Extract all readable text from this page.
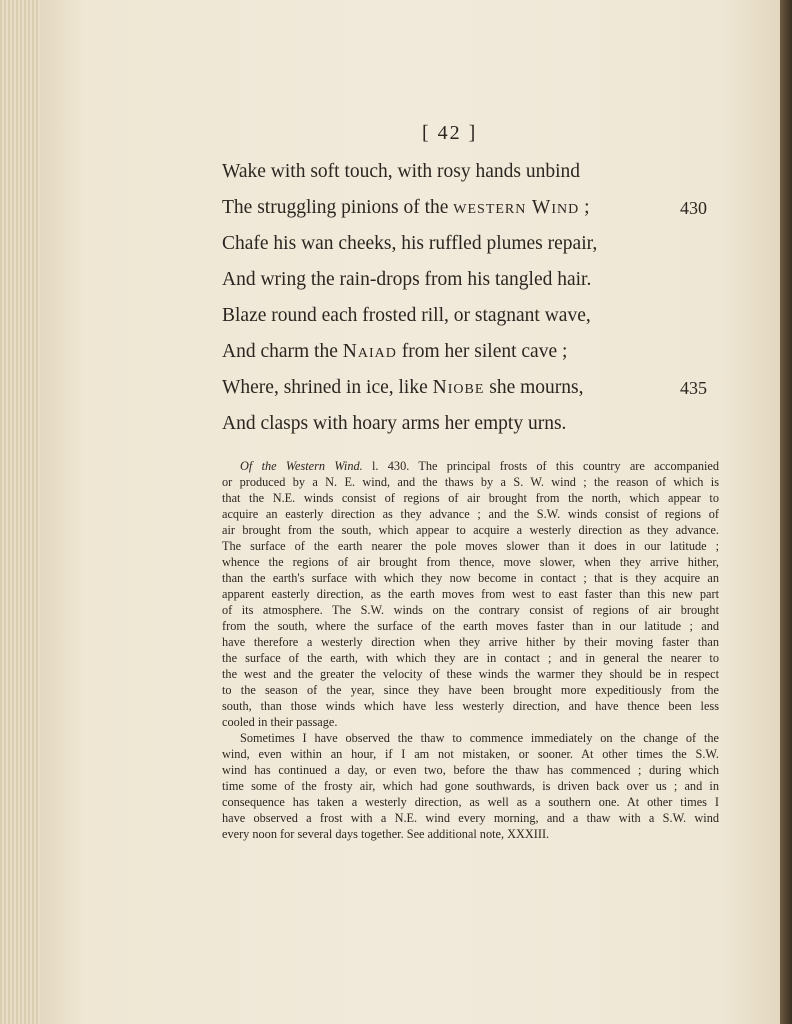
[ 42 ]
Wake with soft touch, with rosy hands unbind
The struggling pinions of the western Wind ;	430
Chafe his wan cheeks, his ruffled plumes repair,
And wring the rain-drops from his tangled hair.
Blaze round each frosted rill, or stagnant wave,
And charm the Naiad from her silent cave ;
Where, shrined in ice, like Niobe she mourns,	435
And clasps with hoary arms her empty urns.
Of the Western Wind. l. 430. The principal frosts of this country are accompanied
or produced by a N. E. wind, and the thaws by a S. W. wind ; the reason of which is
that the N.E. winds consist of regions of air brought from the north, which appear to
acquire an easterly direction as they advance ; and the S.W. winds consist of regions of
air brought from the south, which appear to acquire a westerly direction as they advance.
The surface of the earth nearer the pole moves slower than it does in our latitude ;
whence the regions of air brought from thence, move slower, when they arrive hither,
than the earth's surface with which they now become in contact ; that is they acquire an
apparent easterly direction, as the earth moves from west to east faster than this new part
of its atmosphere. The S.W. winds on the contrary consist of regions of air brought
from the south, where the surface of the earth moves faster than in our latitude ; and
have therefore a westerly direction when they arrive hither by their moving faster than
the surface of the earth, with which they are in contact ; and in general the nearer to
the west and the greater the velocity of these winds the warmer they should be in respect
to the season of the year, since they have been brought more expeditiously from the
south, than those winds which have less westerly direction, and have thence been less
cooled in their passage.
Sometimes I have observed the thaw to commence immediately on the change of the
wind, even within an hour, if I am not mistaken, or sooner. At other times the S.W.
wind has continued a day, or even two, before the thaw has commenced ; during which
time some of the frosty air, which had gone southwards, is driven back over us ; and in
consequence has taken a westerly direction, as well as a southern one. At other times I
have observed a frost with a N.E. wind every morning, and a thaw with a S.W. wind
every noon for several days together. See additional note, XXXIII.
